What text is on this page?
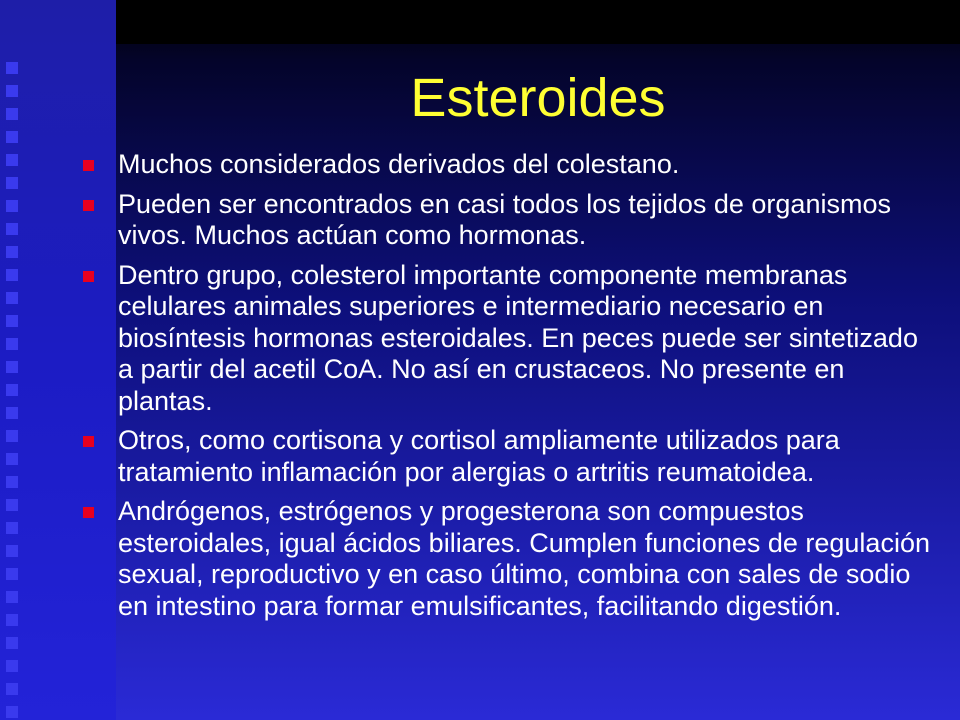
Esteroides
Muchos considerados derivados del colestano.
Pueden ser encontrados en casi todos los tejidos de organismos vivos. Muchos actúan como hormonas.
Dentro grupo, colesterol importante componente membranas celulares animales superiores e intermediario necesario en biosíntesis hormonas esteroidales. En peces puede ser sintetizado a partir del acetil CoA. No así en crustaceos. No presente en plantas.
Otros, como cortisona y cortisol ampliamente utilizados para tratamiento inflamación por alergias o artritis reumatoidea.
Andrógenos, estrógenos y progesterona son compuestos esteroidales, igual ácidos biliares. Cumplen funciones de regulación sexual, reproductivo y en caso último, combina con sales de sodio en intestino para formar emulsificantes, facilitando digestión.
